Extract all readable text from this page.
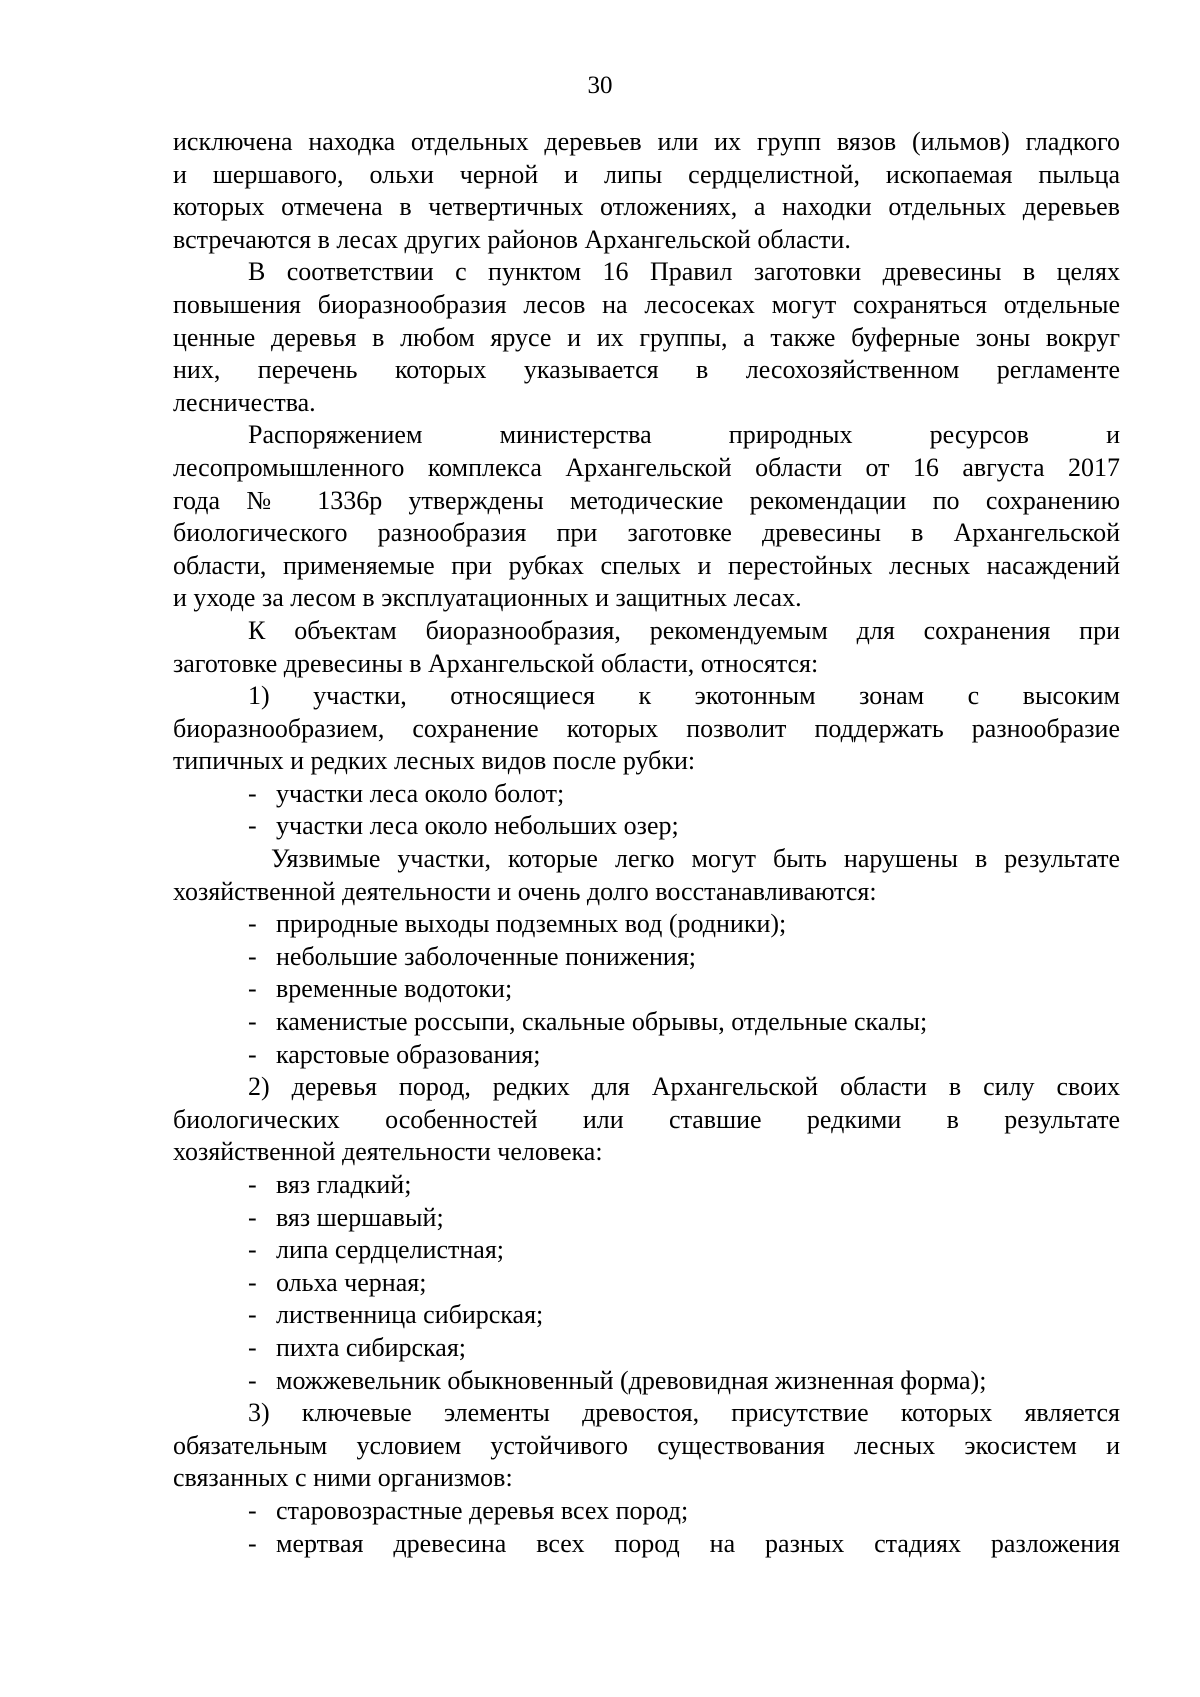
30
исключена находка отдельных деревьев или их групп вязов (ильмов) гладкого
и шершавого, ольхи черной и липы сердцелистной, ископаемая пыльца
которых отмечена в четвертичных отложениях, а находки отдельных деревьев
встречаются в лесах других районов Архангельской области.
В соответствии с пунктом 16 Правил заготовки древесины в целях
повышения биоразнообразия лесов на лесосеках могут сохраняться отдельные
ценные деревья в любом ярусе и их группы, а также буферные зоны вокруг
них, перечень которых указывается в лесохозяйственном регламенте
лесничества.
Распоряжением министерства природных ресурсов и
лесопромышленного комплекса Архангельской области от 16 августа 2017
года № 1336р утверждены методические рекомендации по сохранению
биологического разнообразия при заготовке древесины в Архангельской
области, применяемые при рубках спелых и перестойных лесных насаждений
и уходе за лесом в эксплуатационных и защитных лесах.
К объектам биоразнообразия, рекомендуемым для сохранения при
заготовке древесины в Архангельской области, относятся:
1) участки, относящиеся к экотонным зонам с высоким
биоразнообразием, сохранение которых позволит поддержать разнообразие
типичных и редких лесных видов после рубки:
- участки леса около болот;
- участки леса около небольших озер;
Уязвимые участки, которые легко могут быть нарушены в результате
хозяйственной деятельности и очень долго восстанавливаются:
- природные выходы подземных вод (родники);
- небольшие заболоченные понижения;
- временные водотоки;
- каменистые россыпи, скальные обрывы, отдельные скалы;
- карстовые образования;
2) деревья пород, редких для Архангельской области в силу своих
биологических особенностей или ставшие редкими в результате
хозяйственной деятельности человека:
- вяз гладкий;
- вяз шершавый;
- липа сердцелистная;
- ольха черная;
- лиственница сибирская;
- пихта сибирская;
- можжевельник обыкновенный (древовидная жизненная форма);
3) ключевые элементы древостоя, присутствие которых является
обязательным условием устойчивого существования лесных экосистем и
связанных с ними организмов:
- старовозрастные деревья всех пород;
- мертвая древесина всех пород на разных стадиях разложения
